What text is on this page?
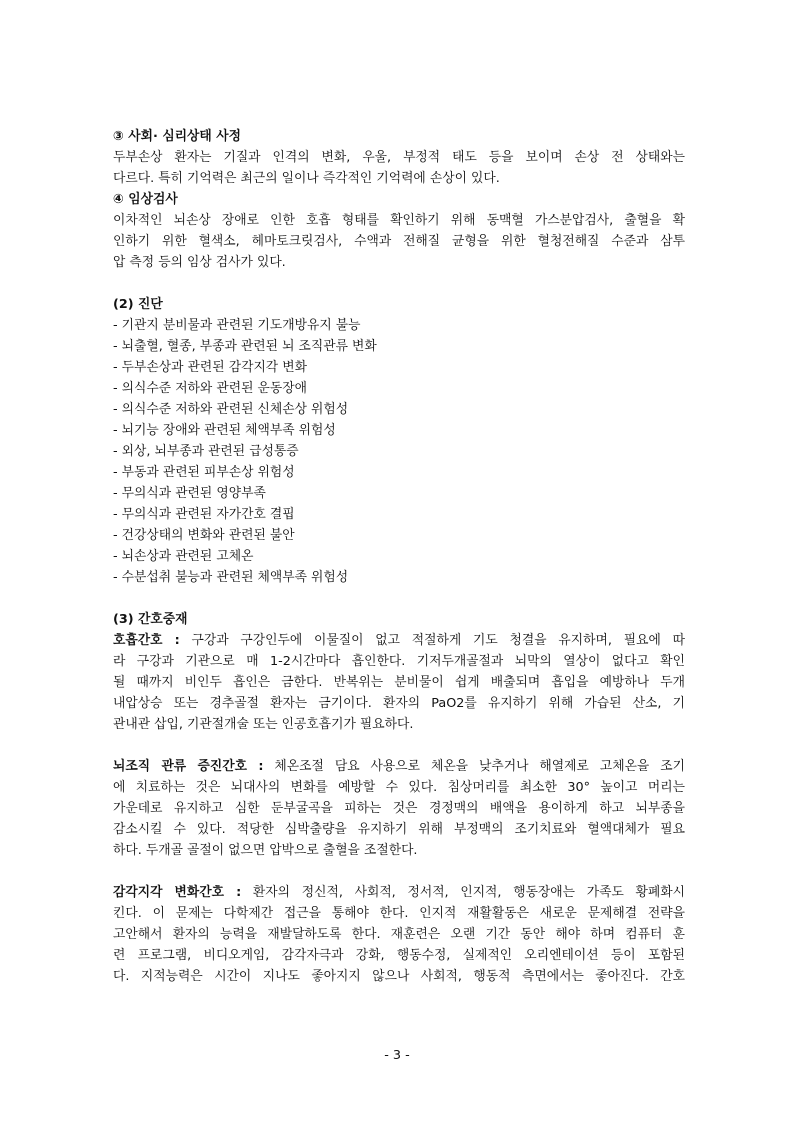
③ 사회· 심리상태 사정

두부손상 환자는 기질과 인격의 변화, 우울, 부정적 태도 등을 보이며 손상 전 상태와는

다르다. 특히 기억력은 최근의 일이나 즉각적인 기억력에 손상이 있다.

④ 임상검사

이차적인 뇌손상 장애로 인한 호흡 형태를 확인하기 위해 동맥혈 가스분압검사, 출혈을 확

인하기 위한 혈색소, 헤마토크릿검사, 수액과 전해질 균형을 위한 혈청전해질 수준과 삼투

압 측정 등의 임상 검사가 있다.

(2) 진단

- 기관지 분비물과 관련된 기도개방유지 불능

- 뇌출혈, 혈종, 부종과 관련된 뇌 조직관류 변화

- 두부손상과 관련된 감각지각 변화

- 의식수준 저하와 관련된 운동장애

- 의식수준 저하와 관련된 신체손상 위험성

- 뇌기능 장애와 관련된 체액부족 위험성

- 외상, 뇌부종과 관련된 급성통증

- 부동과 관련된 피부손상 위험성

- 무의식과 관련된 영양부족

- 무의식과 관련된 자가간호 결핍

- 건강상태의 변화와 관련된 불안

- 뇌손상과 관련된 고체온

- 수분섭취 불능과 관련된 체액부족 위험성

(3) 간호중재

호흡간호 : 구강과 구강인두에 이물질이 없고 적절하게 기도 청결을 유지하며, 필요에 따

라 구강과 기관으로 매 1-2시간마다 흡인한다. 기저두개골절과 뇌막의 열상이 없다고 확인

될 때까지 비인두 흡인은 금한다. 반복위는 분비물이 쉽게 배출되며 흡입을 예방하나 두개

내압상승 또는 경추골절 환자는 금기이다. 환자의 PaO2를 유지하기 위해 가습된 산소, 기

관내관 삽입, 기관절개술 또는 인공호흡기가 필요하다.

뇌조직 관류 증진간호 : 체온조절 담요 사용으로 체온을 낮추거나 해열제로 고체온을 조기

에 치료하는 것은 뇌대사의 변화를 예방할 수 있다. 침상머리를 최소한 30° 높이고 머리는

가운데로 유지하고 심한 둔부굴곡을 피하는 것은 경정맥의 배액을 용이하게 하고 뇌부종을

감소시킬 수 있다. 적당한 심박출량을 유지하기 위해 부정맥의 조기치료와 혈액대체가 필요

하다. 두개골 골절이 없으면 압박으로 출혈을 조절한다.

감각지각 변화간호 : 환자의 정신적, 사회적, 정서적, 인지적, 행동장애는 가족도 황폐화시

킨다. 이 문제는 다학제간 접근을 통해야 한다. 인지적 재활활동은 새로운 문제해결 전략을

고안해서 환자의 능력을 재발달하도록 한다. 재훈련은 오랜 기간 동안 해야 하며 컴퓨터 훈

련 프로그램, 비디오게임, 감각자극과 강화, 행동수정, 실제적인 오리엔테이션 등이 포함된

다. 지적능력은 시간이 지나도 좋아지지 않으나 사회적, 행동적 측면에서는 좋아진다. 간호

- 3 -
